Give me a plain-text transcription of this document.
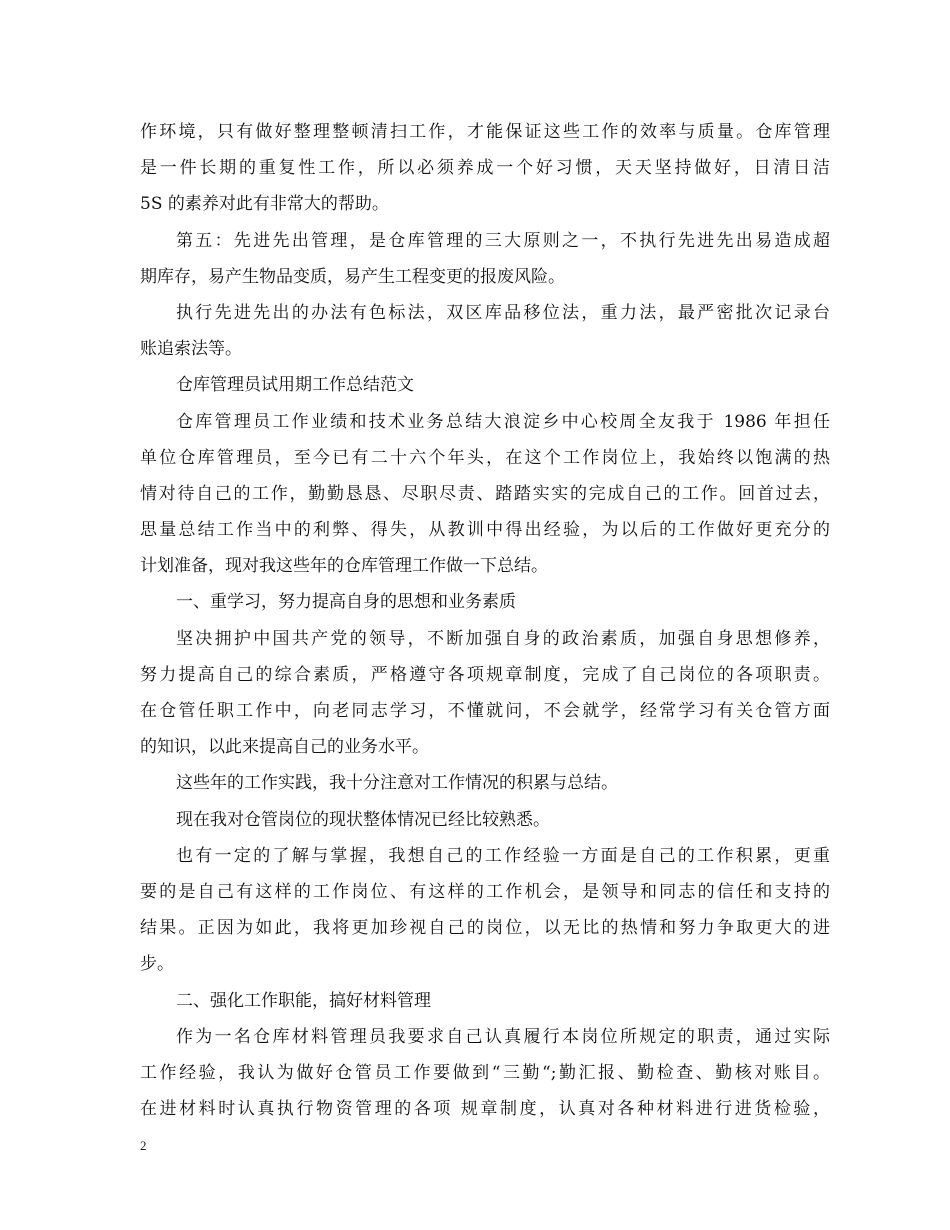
作环境，只有做好整理整顿清扫工作，才能保证这些工作的效率与质量。仓库管理
是一件长期的重复性工作，所以必须养成一个好习惯，天天坚持做好，日清日洁
5S 的素养对此有非常大的帮助。
第五：先进先出管理，是仓库管理的三大原则之一，不执行先进先出易造成超
期库存，易产生物品变质，易产生工程变更的报废风险。
执行先进先出的办法有色标法，双区库品移位法，重力法，最严密批次记录台
账追索法等。
仓库管理员试用期工作总结范文
仓库管理员工作业绩和技术业务总结大浪淀乡中心校周全友我于 1986 年担任
单位仓库管理员，至今已有二十六个年头，在这个工作岗位上，我始终以饱满的热
情对待自己的工作，勤勤恳恳、尽职尽责、踏踏实实的完成自己的工作。回首过去，
思量总结工作当中的利弊、得失，从教训中得出经验，为以后的工作做好更充分的
计划准备，现对我这些年的仓库管理工作做一下总结。
一、重学习，努力提高自身的思想和业务素质
坚决拥护中国共产党的领导，不断加强自身的政治素质，加强自身思想修养，
努力提高自己的综合素质，严格遵守各项规章制度，完成了自己岗位的各项职责。
在仓管任职工作中，向老同志学习，不懂就问，不会就学，经常学习有关仓管方面
的知识，以此来提高自己的业务水平。
这些年的工作实践，我十分注意对工作情况的积累与总结。
现在我对仓管岗位的现状整体情况已经比较熟悉。
也有一定的了解与掌握，我想自己的工作经验一方面是自己的工作积累，更重
要的是自己有这样的工作岗位、有这样的工作机会，是领导和同志的信任和支持的
结果。正因为如此，我将更加珍视自己的岗位，以无比的热情和努力争取更大的进
步。
二、强化工作职能，搞好材料管理
作为一名仓库材料管理员我要求自己认真履行本岗位所规定的职责，通过实际
工作经验，我认为做好仓管员工作要做到“三勤“;勤汇报、勤检查、勤核对账目。
在进材料时认真执行物资管理的各项 规章制度，认真对各种材料进行进货检验，
2
